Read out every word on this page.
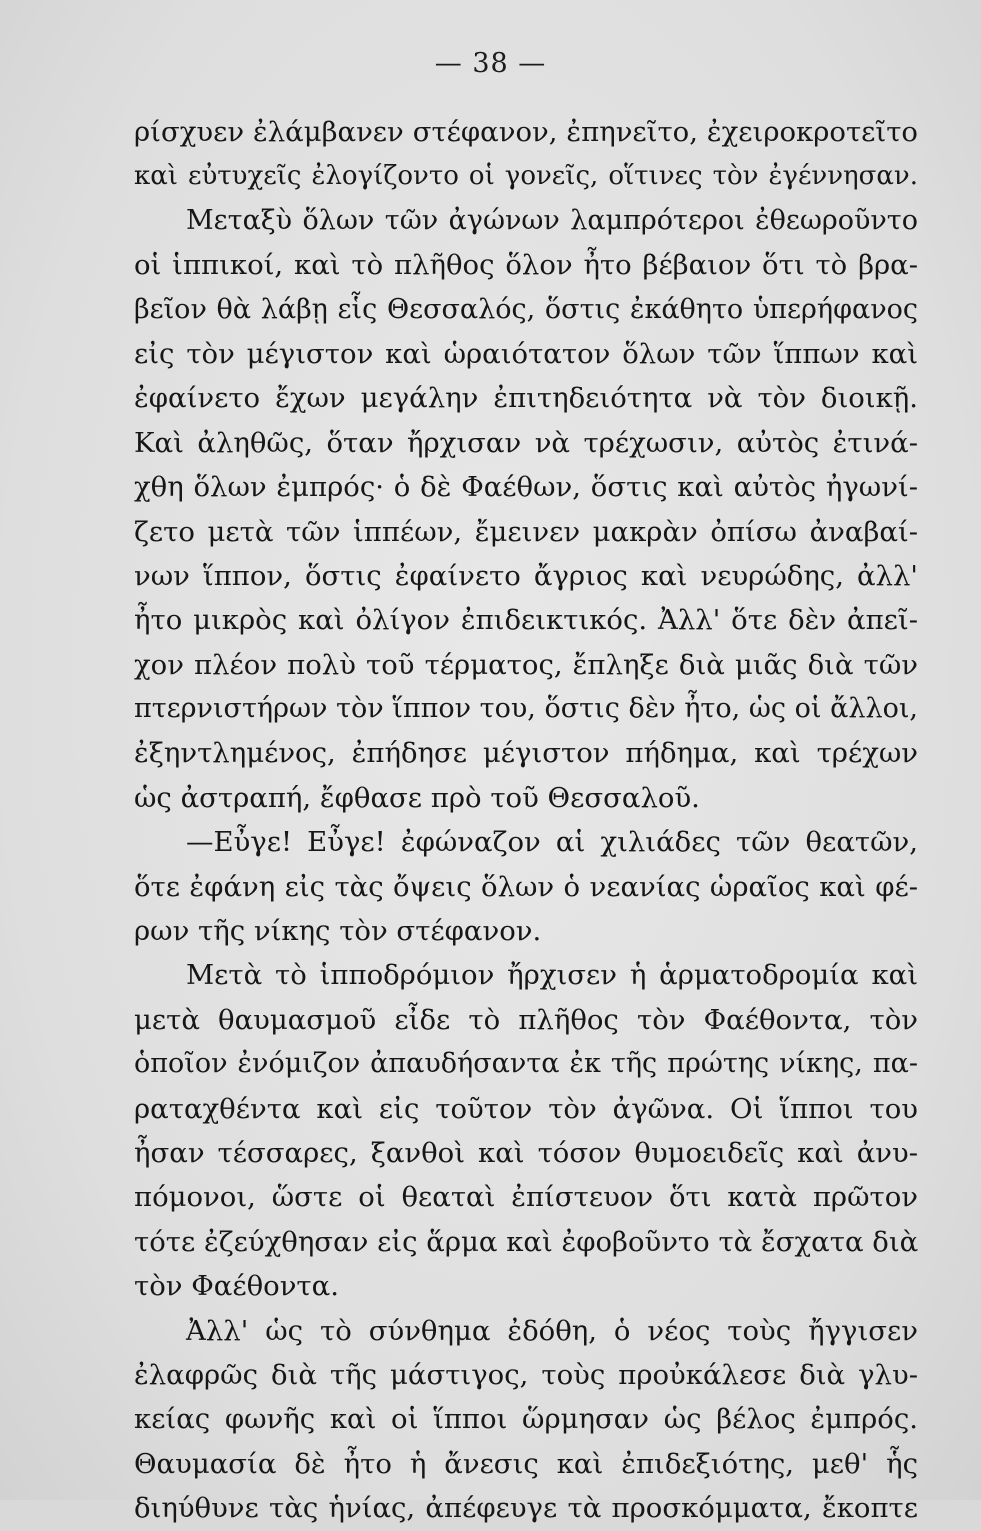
— 38 —
ρίσχυεν ἐλάμβανεν στέφανον, ἐπηνεῖτο, ἐχειροκροτεῖτο
καὶ εὐτυχεῖς ἐλογίζοντο οἱ γονεῖς, οἵτινες τὸν ἐγέννησαν.
Μεταξὺ ὅλων τῶν ἀγώνων λαμπρότεροι ἐθεωροῦντο
οἱ ἱππικοί, καὶ τὸ πλῆθος ὅλον ἦτο βέβαιον ὅτι τὸ βρα-
βεῖον θὰ λάβῃ εἷς Θεσσαλός, ὅστις ἐκάθητο ὑπερήφανος
εἰς τὸν μέγιστον καὶ ὡραιότατον ὅλων τῶν ἵππων καὶ
ἐφαίνετο ἔχων μεγάλην ἐπιτηδειότητα νὰ τὸν διοικῇ.
Καὶ ἀληθῶς, ὅταν ἤρχισαν νὰ τρέχωσιν, αὐτὸς ἐτινά-
χθη ὅλων ἐμπρός· ὁ δὲ Φαέθων, ὅστις καὶ αὐτὸς ἠγωνί-
ζετο μετὰ τῶν ἱππέων, ἔμεινεν μακρὰν ὀπίσω ἀναβαί-
νων ἵππον, ὅστις ἐφαίνετο ἄγριος καὶ νευρώδης, ἀλλ'
ἦτο μικρὸς καὶ ὀλίγον ἐπιδεικτικός. Ἀλλ' ὅτε δὲν ἀπεῖ-
χον πλέον πολὺ τοῦ τέρματος, ἔπληξε διὰ μιᾶς διὰ τῶν
πτερνιστήρων τὸν ἵππον του, ὅστις δὲν ἦτο, ὡς οἱ ἄλλοι,
ἐξηντλημένος, ἐπήδησε μέγιστον πήδημα, καὶ τρέχων
ὡς ἀστραπή, ἔφθασε πρὸ τοῦ Θεσσαλοῦ.
—Εὖγε! Εὖγε! ἐφώναζον αἱ χιλιάδες τῶν θεατῶν,
ὅτε ἐφάνη εἰς τὰς ὄψεις ὅλων ὁ νεανίας ὡραῖος καὶ φέ-
ρων τῆς νίκης τὸν στέφανον.
Μετὰ τὸ ἱπποδρόμιον ἤρχισεν ἡ ἁρματοδρομία καὶ
μετὰ θαυμασμοῦ εἶδε τὸ πλῆθος τὸν Φαέθοντα, τὸν
ὁποῖον ἐνόμιζον ἀπαυδήσαντα ἐκ τῆς πρώτης νίκης, πα-
ραταχθέντα καὶ εἰς τοῦτον τὸν ἀγῶνα. Οἱ ἵπποι του
ἦσαν τέσσαρες, ξανθοὶ καὶ τόσον θυμοειδεῖς καὶ ἀνυ-
πόμονοι, ὥστε οἱ θεαταὶ ἐπίστευον ὅτι κατὰ πρῶτον
τότε ἐζεύχθησαν εἰς ἅρμα καὶ ἐφοβοῦντο τὰ ἔσχατα διὰ
τὸν Φαέθοντα.
Ἀλλ' ὡς τὸ σύνθημα ἐδόθη, ὁ νέος τοὺς ἤγγισεν
ἐλαφρῶς διὰ τῆς μάστιγος, τοὺς προὐκάλεσε διὰ γλυ-
κείας φωνῆς καὶ οἱ ἵπποι ὥρμησαν ὡς βέλος ἐμπρός.
Θαυμασία δὲ ἦτο ἡ ἄνεσις καὶ ἐπιδεξιότης, μεθ' ἧς
διηύθυνε τὰς ἡνίας, ἀπέφευγε τὰ προσκόμματα, ἔκοπτε
